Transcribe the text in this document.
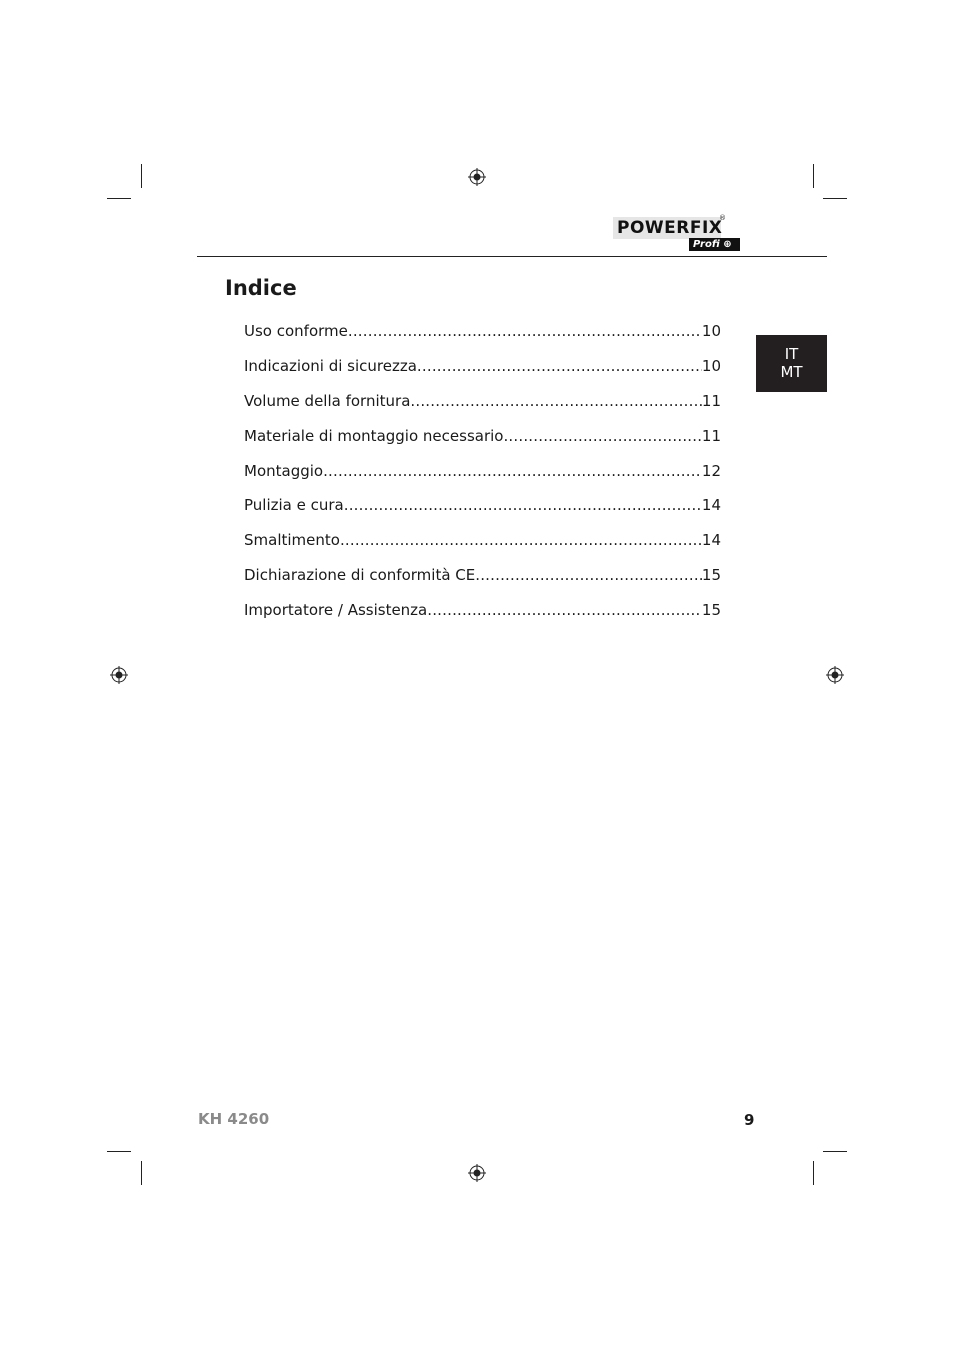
POWERFIX
®
Profi ⊕
Indice
Uso conforme .....	10
Indicazioni di sicurezza .....	10
Volume della fornitura .....	11
Materiale di montaggio necessario .....	11
Montaggio .....	12
Pulizia e cura .....	14
Smaltimento .....	14
Dichiarazione di conformità CE .....	15
Importatore / Assistenza .....	15
IT
MT
KH 4260	9
